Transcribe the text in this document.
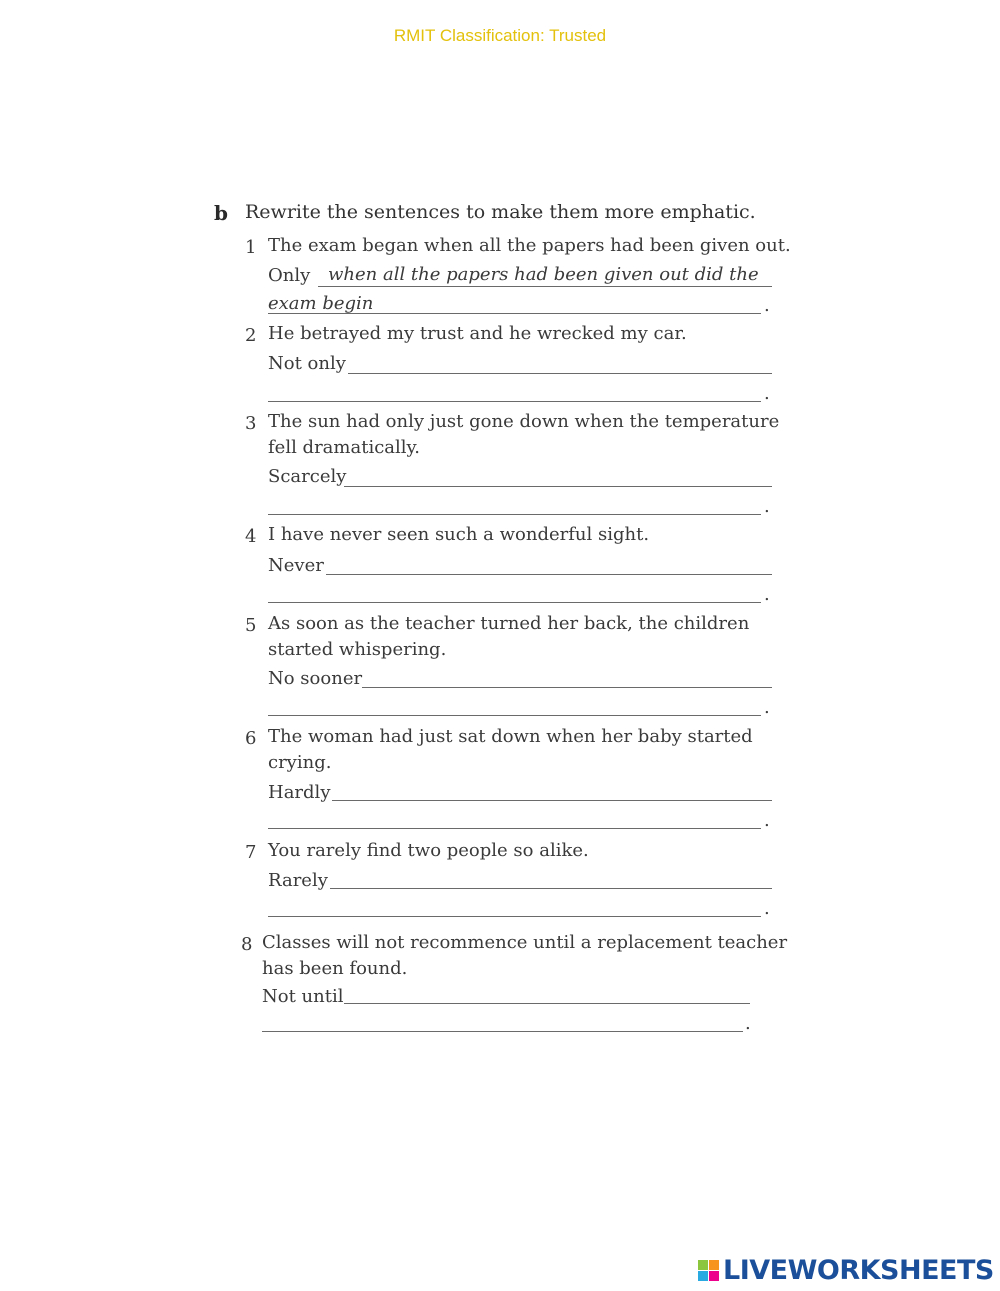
RMIT Classification: Trusted
b Rewrite the sentences to make them more emphatic.
1 The exam began when all the papers had been given out.
Only when all the papers had been given out did the
exam begin	.
2 He betrayed my trust and he wrecked my car.
Not only
.
3 The sun had only just gone down when the temperature
fell dramatically.
Scarcely
.
4 I have never seen such a wonderful sight.
Never
.
5 As soon as the teacher turned her back, the children
started whispering.
No sooner
.
6 The woman had just sat down when her baby started
crying.
Hardly
.
7 You rarely find two people so alike.
Rarely
.
8 Classes will not recommence until a replacement teacher
has been found.
Not until
.
LIVEWORKSHEETS
